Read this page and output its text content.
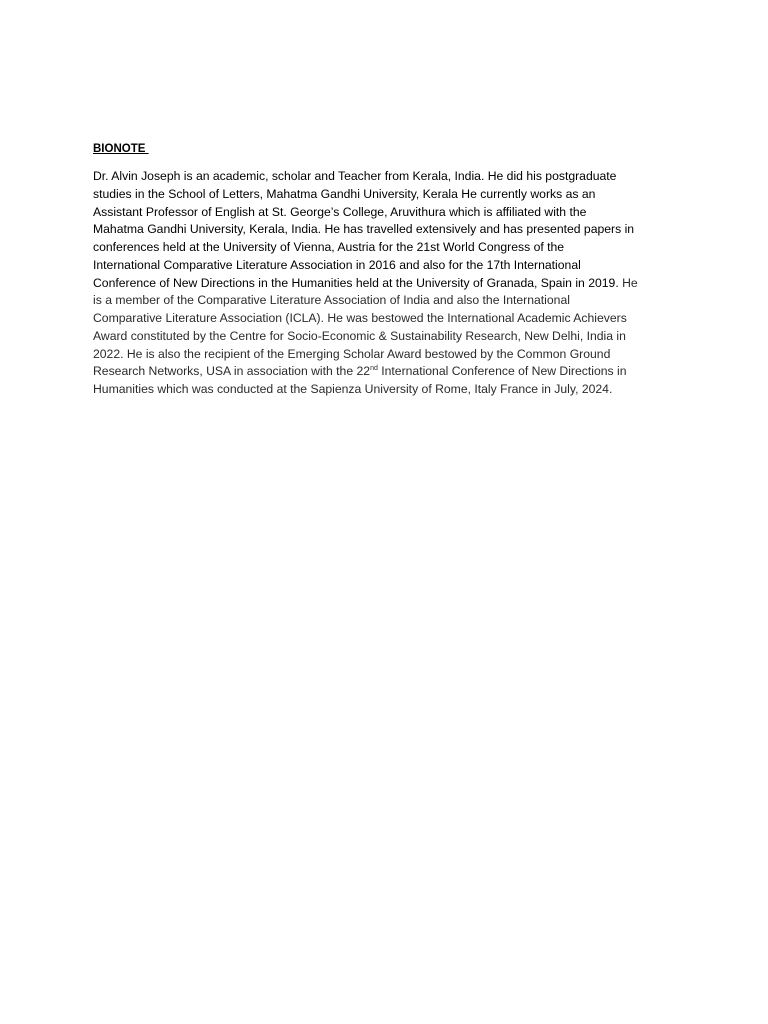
BIONOTE

Dr. Alvin Joseph is an academic, scholar and Teacher from Kerala, India. He did his postgraduate
studies in the School of Letters, Mahatma Gandhi University, Kerala He currently works as an
Assistant Professor of English at St. George’s College, Aruvithura which is affiliated with the
Mahatma Gandhi University, Kerala, India. He has travelled extensively and has presented papers in
conferences held at the University of Vienna, Austria for the 21st World Congress of the
International Comparative Literature Association in 2016 and also for the 17th International
Conference of New Directions in the Humanities held at the University of Granada, Spain in 2019. He
is a member of the Comparative Literature Association of India and also the International
Comparative Literature Association (ICLA). He was bestowed the International Academic Achievers
Award constituted by the Centre for Socio-Economic & Sustainability Research, New Delhi, India in
2022. He is also the recipient of the Emerging Scholar Award bestowed by the Common Ground
Research Networks, USA in association with the 22nd International Conference of New Directions in
Humanities which was conducted at the Sapienza University of Rome, Italy France in July, 2024.
